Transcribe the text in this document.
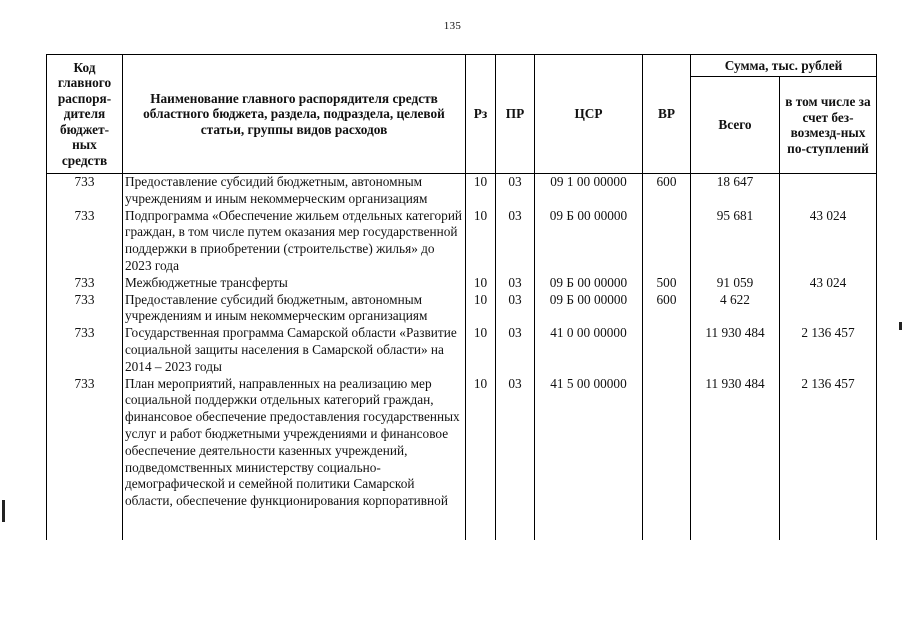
135
Код главного распоря-дителя бюджет-ных средств	Наименование главного распорядителя средств областного бюджета, раздела, подраздела, целевой статьи, группы видов расходов	Рз	ПР	ЦСР	ВР	Сумма, тыс. рублей	
						Всего	в том числе за счет без-возмезд-ных по-ступлений
733	Предоставление субсидий бюджетным, автономным учреждениям и иным некоммерческим организациям	10	03	09 1 00 00000	600	18 647	
733	Подпрограмма «Обеспечение жильем отдельных категорий граждан, в том числе путем оказания мер государственной поддержки в приобретении (строительстве) жилья» до 2023 года	10	03	09 Б 00 00000		95 681	43 024
733	Межбюджетные трансферты	10	03	09 Б 00 00000	500	91 059	43 024
733	Предоставление субсидий бюджетным, автономным учреждениям и иным некоммерческим организациям	10	03	09 Б 00 00000	600	4 622	
733	Государственная программа Самарской области «Развитие социальной защиты населения в Самарской области» на 2014 – 2023 годы	10	03	41 0 00 00000		11 930 484	2 136 457
733	План мероприятий, направленных на реализацию мер социальной поддержки отдельных категорий граждан, финансовое обеспечение предоставления государственных услуг и работ бюджетными учреждениями и финансовое обеспечение деятельности казенных учреждений, подведомственных министерству социально-демографической и семейной политики Самарской области, обеспечение функционирования корпоративной	10	03	41 5 00 00000		11 930 484	2 136 457
